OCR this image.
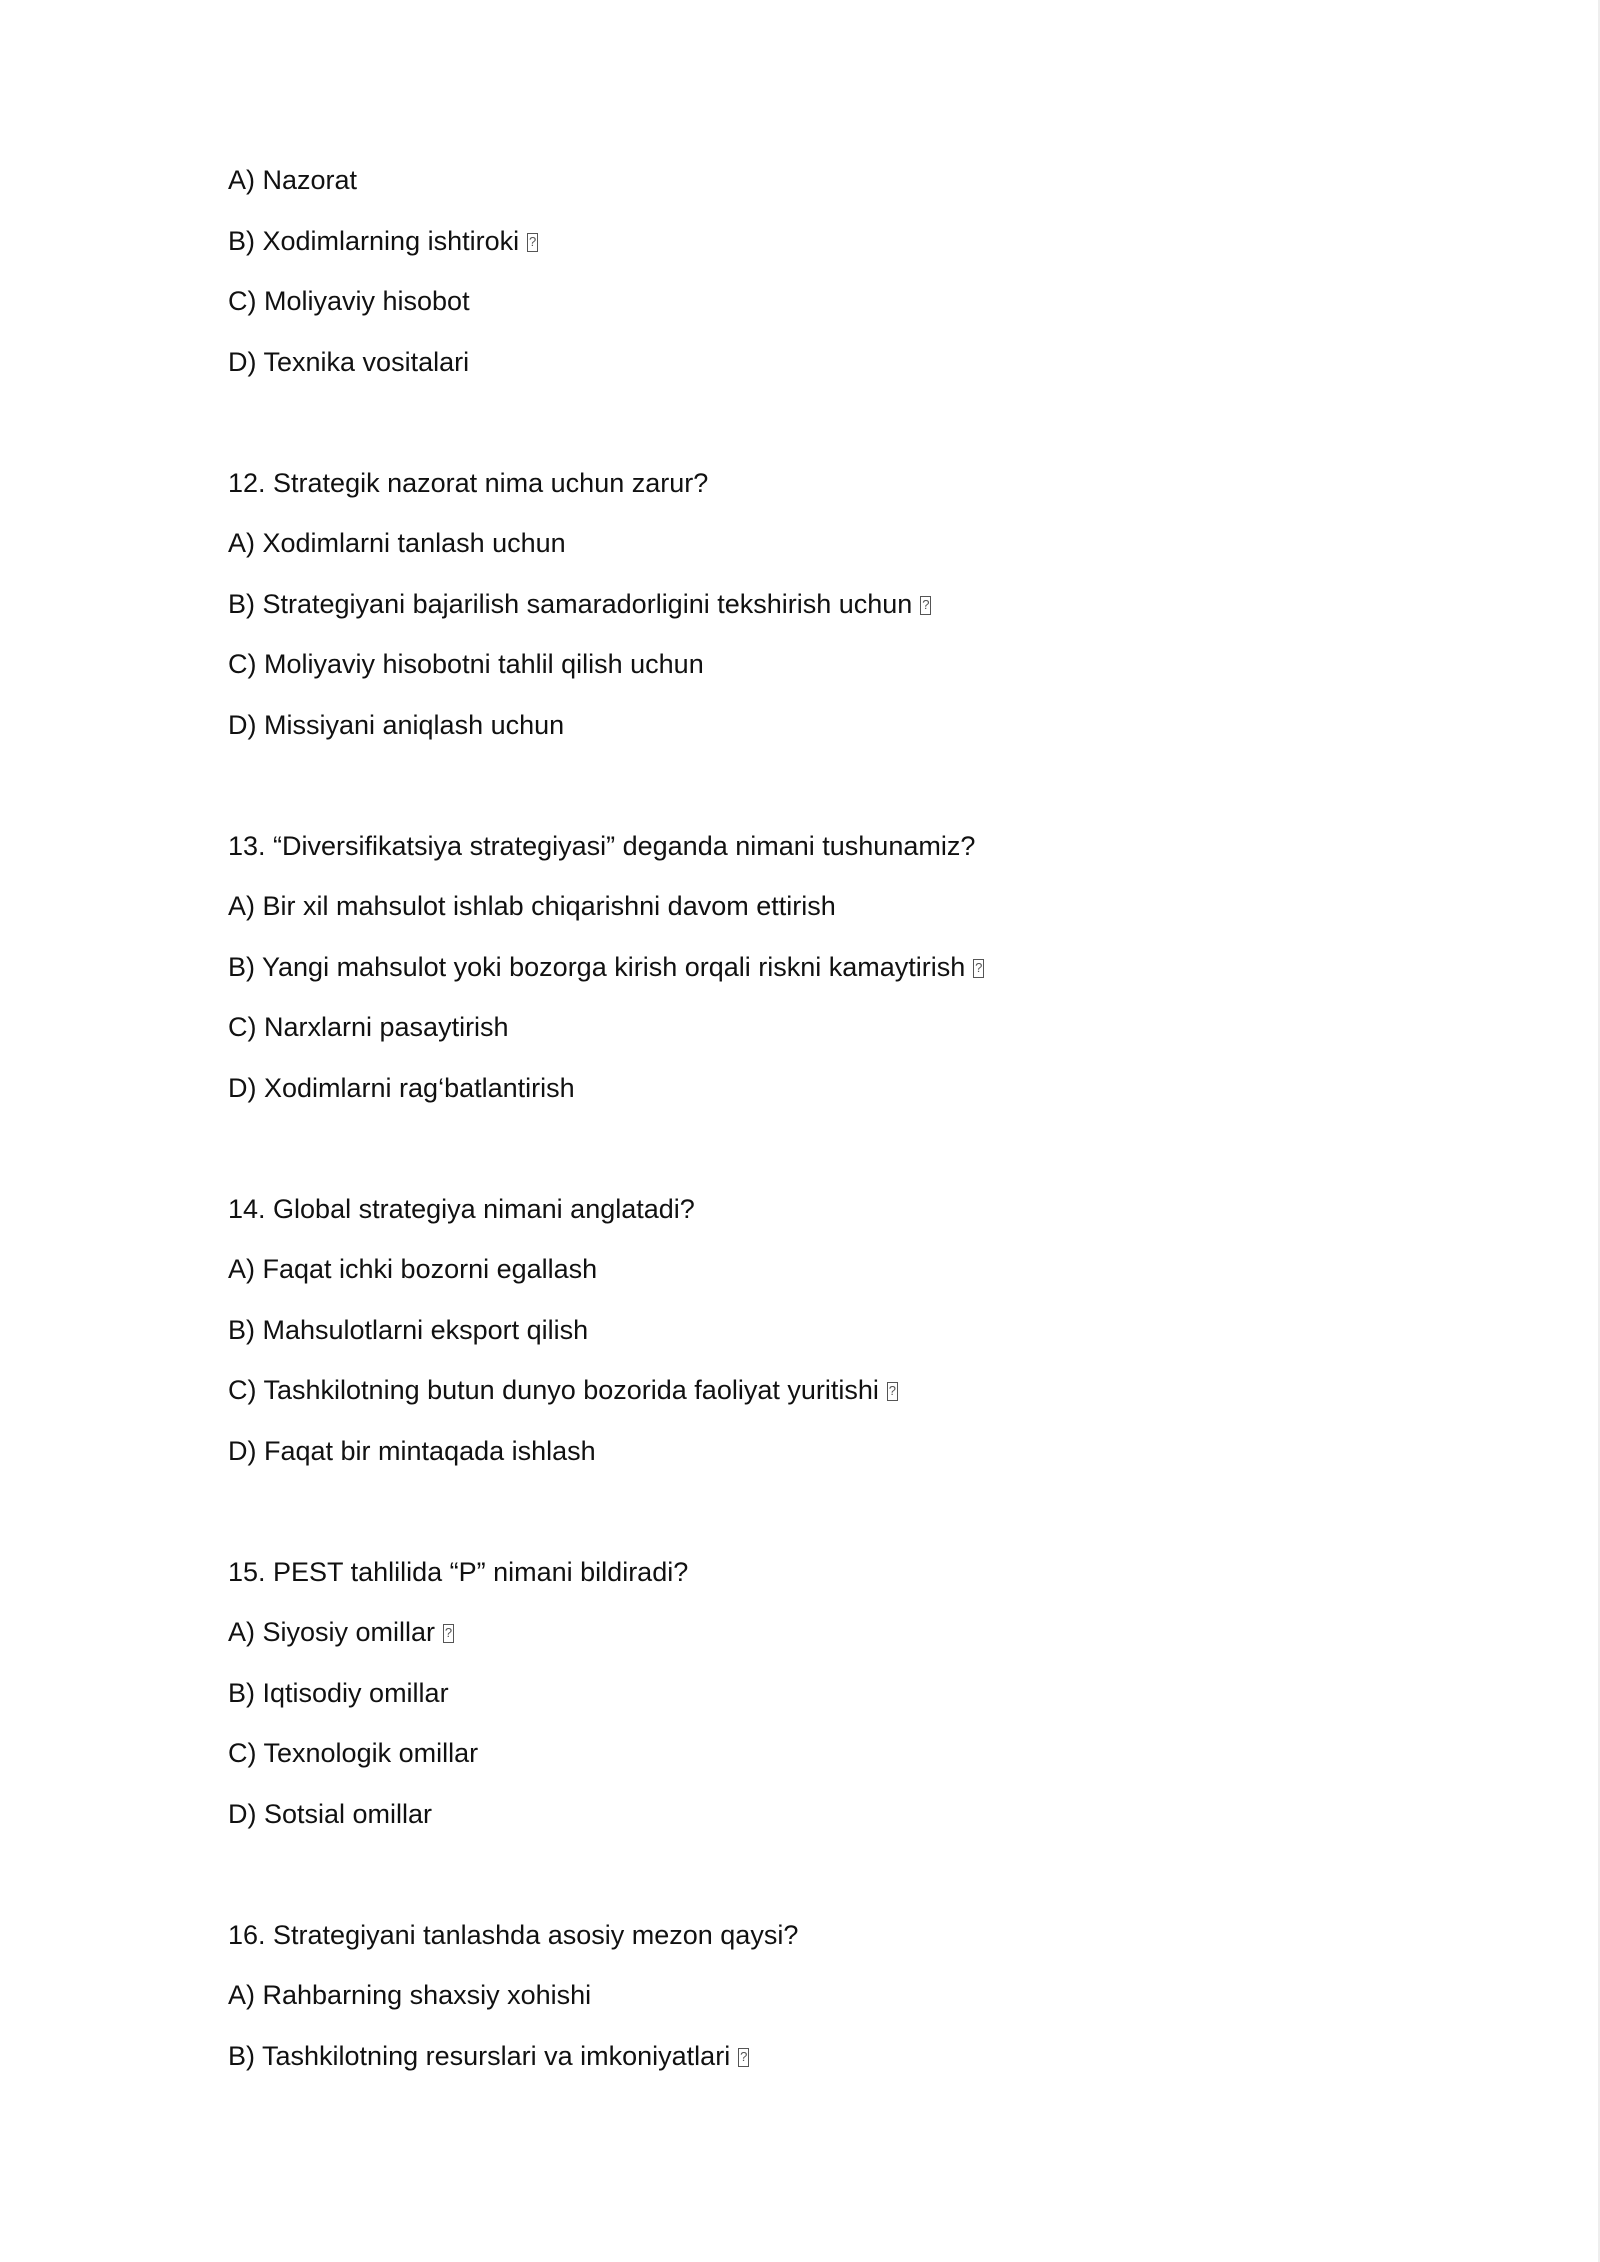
A) Nazorat
B) Xodimlarning ishtiroki?
C) Moliyaviy hisobot
D) Texnika vositalari
12. Strategik nazorat nima uchun zarur?
A) Xodimlarni tanlash uchun
B) Strategiyani bajarilish samaradorligini tekshirish uchun?
C) Moliyaviy hisobotni tahlil qilish uchun
D) Missiyani aniqlash uchun
13. “Diversifikatsiya strategiyasi” deganda nimani tushunamiz?
A) Bir xil mahsulot ishlab chiqarishni davom ettirish
B) Yangi mahsulot yoki bozorga kirish orqali riskni kamaytirish?
C) Narxlarni pasaytirish
D) Xodimlarni rag‘batlantirish
14. Global strategiya nimani anglatadi?
A) Faqat ichki bozorni egallash
B) Mahsulotlarni eksport qilish
C) Tashkilotning butun dunyo bozorida faoliyat yuritishi?
D) Faqat bir mintaqada ishlash
15. PEST tahlilida “P” nimani bildiradi?
A) Siyosiy omillar?
B) Iqtisodiy omillar
C) Texnologik omillar
D) Sotsial omillar
16. Strategiyani tanlashda asosiy mezon qaysi?
A) Rahbarning shaxsiy xohishi
B) Tashkilotning resurslari va imkoniyatlari?
